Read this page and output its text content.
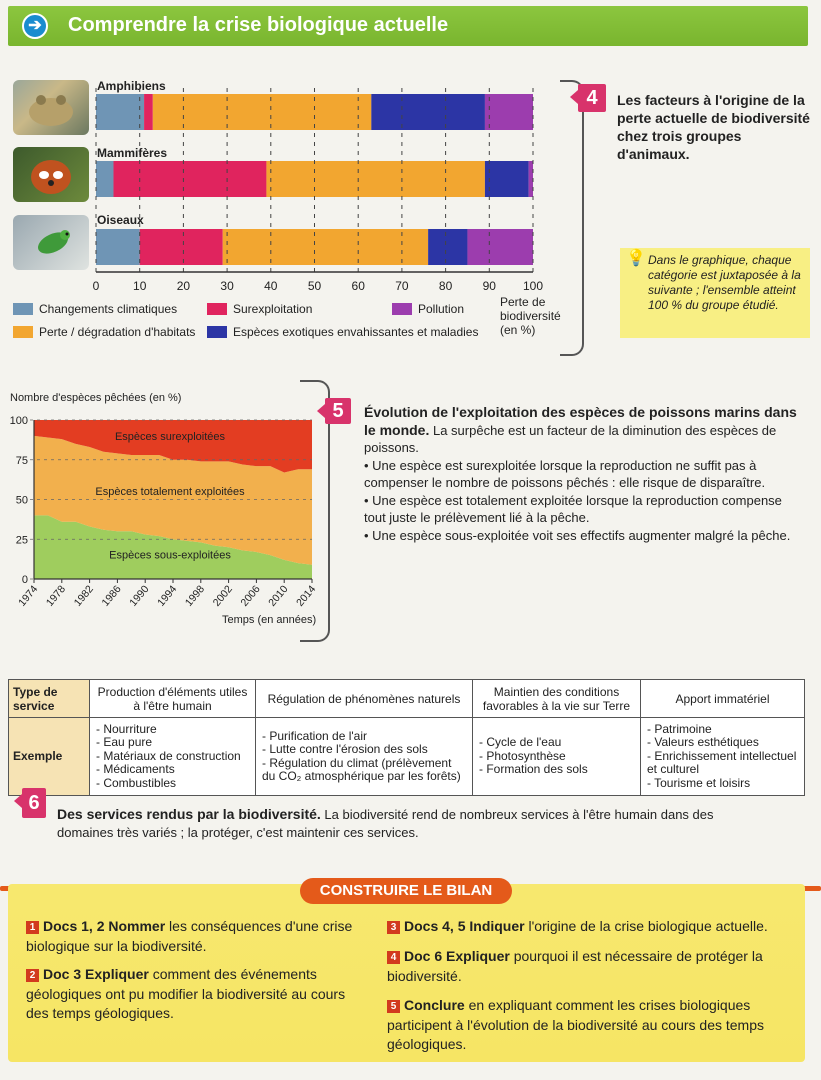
➔	Comprendre la crise biologique actuelle
Amphibiens
Mammifères
Oiseaux
0	10	20	30	40	50	60	70	80	90 100
Changements climatiques
Perte / dégradation d'habitats
Surexploitation
Espèces exotiques envahissantes et maladies
Pollution	Perte de biodiversité (en %)
4	Les facteurs à l'origine de la perte actuelle de biodiversité chez trois groupes d'animaux.
💡 Dans le graphique, chaque catégorie est juxtaposée à la suivante ; l'ensemble atteint 100 % du groupe étudié.
0
25
50
75
100
1974 1978 1982 1986 1990 1994 1998 2002 2006 2010 2014
Espèces sous-exploitées
Espèces totalement exploitées
Espèces surexploitées
Nombre d'espèces pêchées (en %)
Temps (en années)
5	Évolution de l'exploitation des espèces de poissons marins dans le monde. La surpêche est un facteur de la diminution des espèces de poissons.
• Une espèce est surexploitée lorsque la reproduction ne suffit pas à compenser le nombre de poissons pêchés : elle risque de disparaître.
• Une espèce est totalement exploitée lorsque la reproduction compense tout juste le prélèvement lié à la pêche.
• Une espèce sous-exploitée voit ses effectifs augmenter malgré la pêche.
Type de service	Production d'éléments utiles à l'être humain	Régulation de phénomènes naturels	Maintien des conditions favorables à la vie sur Terre	Apport immatériel
Exemple	- Nourriture
- Eau pure
- Matériaux de construction
- Médicaments
- Combustibles	- Purification de l'air
- Lutte contre l'érosion des sols
- Régulation du climat (prélèvement du CO₂ atmosphérique par les forêts)	- Cycle de l'eau
- Photosynthèse
- Formation des sols	- Patrimoine
- Valeurs esthétiques
- Enrichissement intellectuel et culturel
- Tourisme et loisirs
6	Des services rendus par la biodiversité. La biodiversité rend de nombreux services à l'être humain dans des domaines très variés ; la protéger, c'est maintenir ces services.
CONSTRUIRE LE BILAN
1 Docs 1, 2 Nommer les conséquences d'une crise biologique sur la biodiversité.
2 Doc 3 Expliquer comment des événements géologiques ont pu modifier la biodiversité au cours des temps géologiques.
3 Docs 4, 5 Indiquer l'origine de la crise biologique actuelle.
4 Doc 6 Expliquer pourquoi il est nécessaire de protéger la biodiversité.
5 Conclure en expliquant comment les crises biologiques participent à l'évolution de la biodiversité au cours des temps géologiques.
